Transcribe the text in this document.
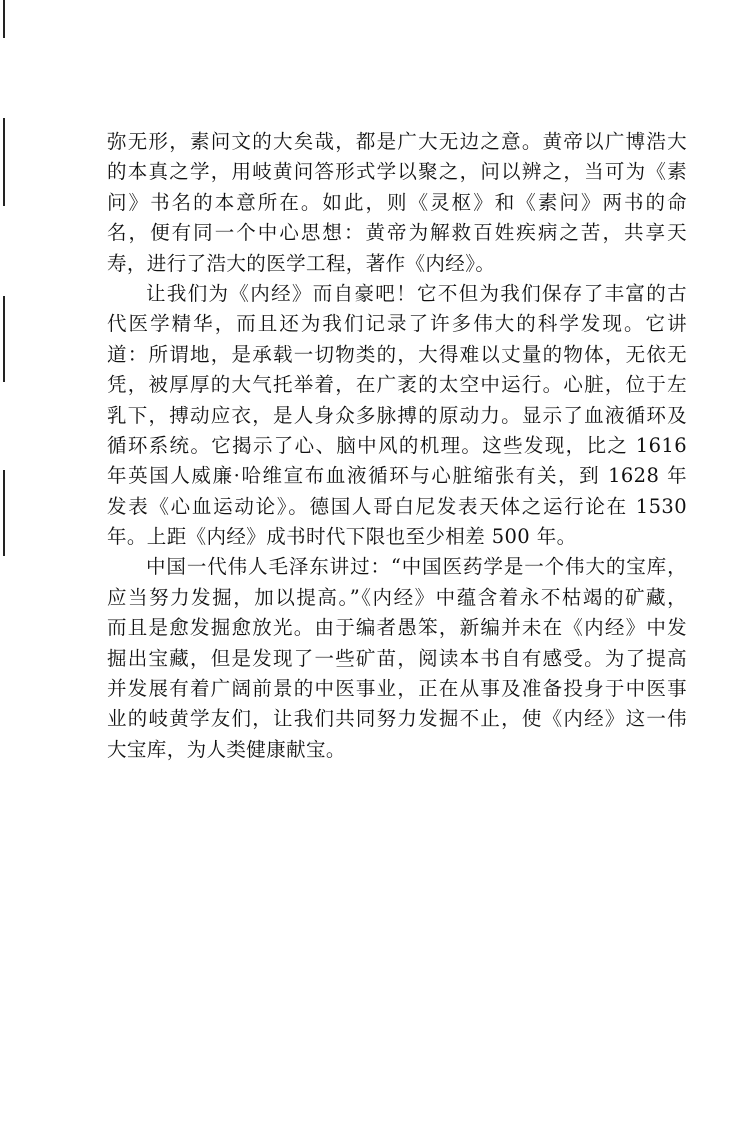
弥无形，素问文的大矣哉，都是广大无边之意。黄帝以广博浩大
的本真之学，用岐黄问答形式学以聚之，问以辨之，当可为《素
问》书名的本意所在。如此，则《灵枢》和《素问》两书的命
名，便有同一个中心思想：黄帝为解救百姓疾病之苦，共享天
寿，进行了浩大的医学工程，著作《内经》。
让我们为《内经》而自豪吧！它不但为我们保存了丰富的古
代医学精华，而且还为我们记录了许多伟大的科学发现。它讲
道：所谓地，是承载一切物类的，大得难以丈量的物体，无依无
凭，被厚厚的大气托举着，在广袤的太空中运行。心脏，位于左
乳下，搏动应衣，是人身众多脉搏的原动力。显示了血液循环及
循环系统。它揭示了心、脑中风的机理。这些发现，比之 1616
年英国人威廉·哈维宣布血液循环与心脏缩张有关，到 1628 年
发表《心血运动论》。德国人哥白尼发表天体之运行论在 1530
年。上距《内经》成书时代下限也至少相差 500 年。
中国一代伟人毛泽东讲过：“中国医药学是一个伟大的宝库，
应当努力发掘，加以提高。”《内经》中蕴含着永不枯竭的矿藏，
而且是愈发掘愈放光。由于编者愚笨，新编并未在《内经》中发
掘出宝藏，但是发现了一些矿苗，阅读本书自有感受。为了提高
并发展有着广阔前景的中医事业，正在从事及准备投身于中医事
业的岐黄学友们，让我们共同努力发掘不止，使《内经》这一伟
大宝库，为人类健康献宝。
